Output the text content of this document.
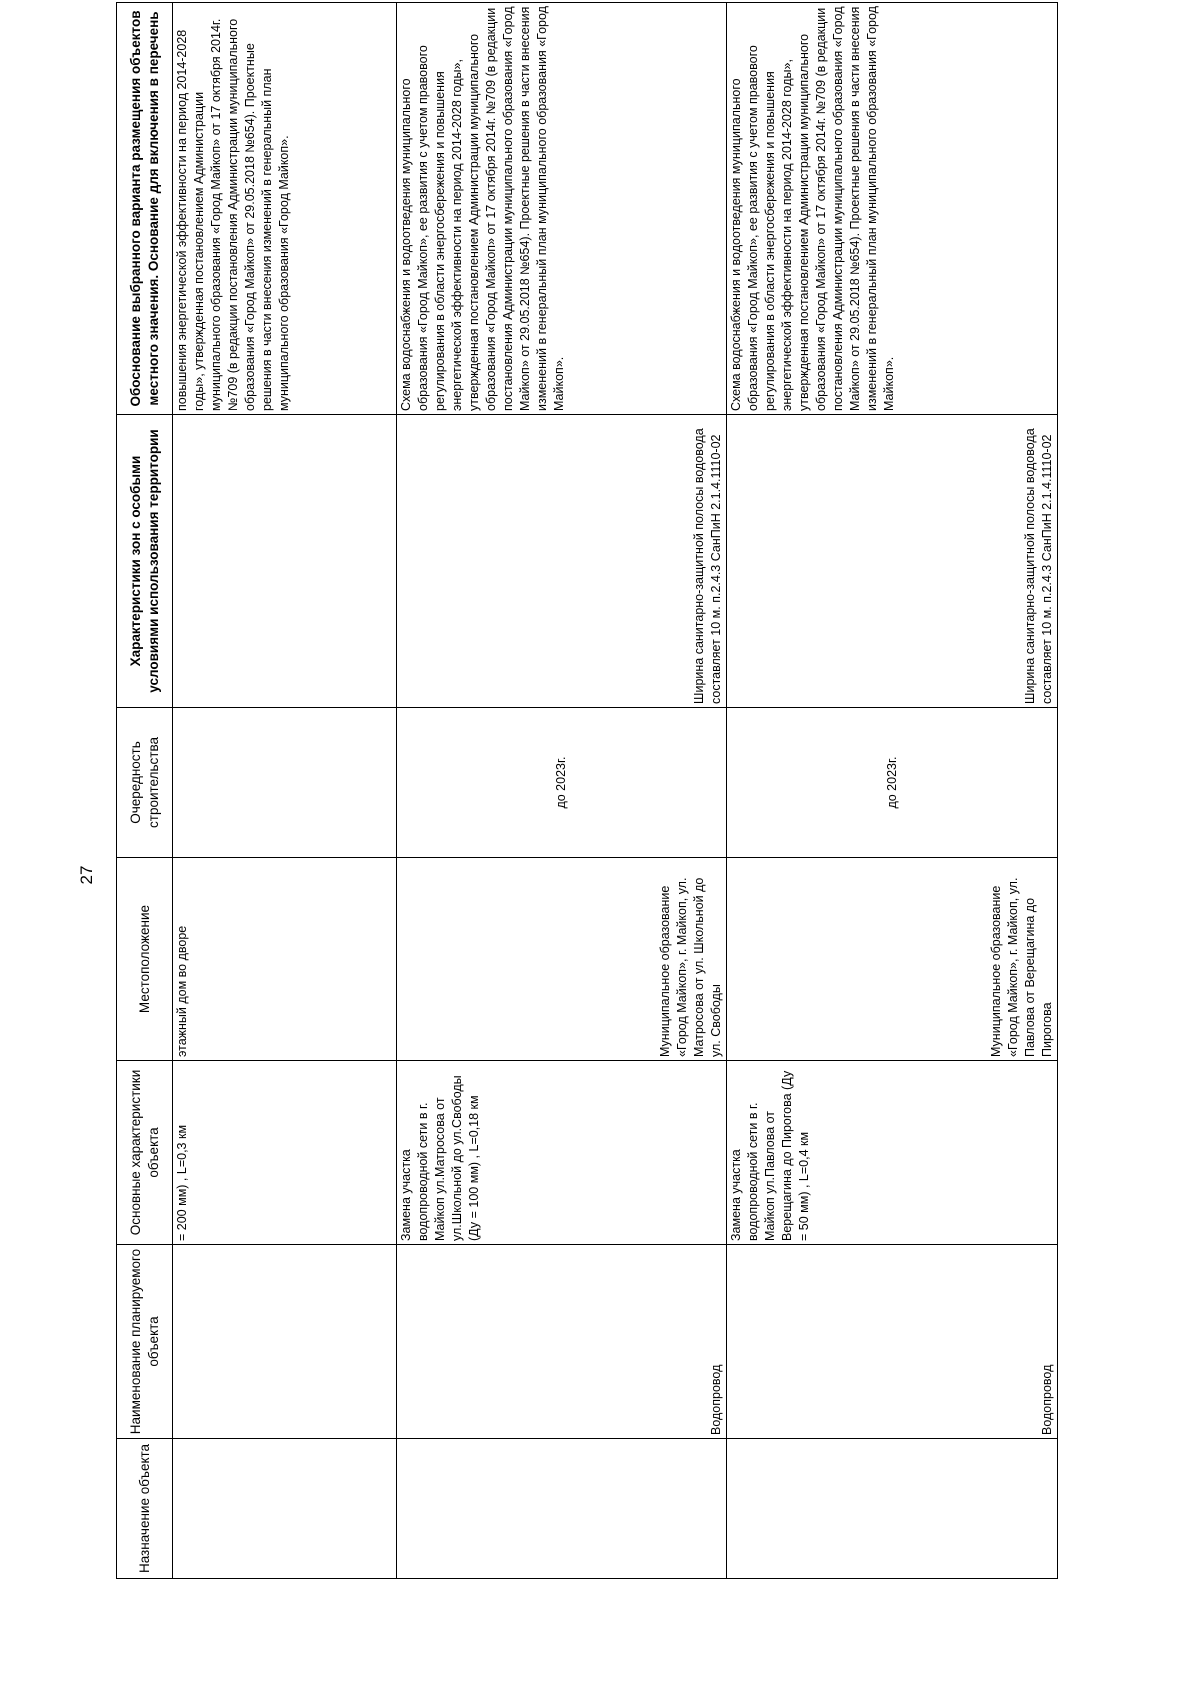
27
Назначение объекта	Наименование планируемого объекта	Основные характеристики объекта	Местоположение	Очередность строительства	Характеристики зон с особыми условиями использования территории	Обоснование выбранного варианта размещения объектов местного значения. Основание для включения в перечень
		= 200 мм) , L=0,3 км	этажный дом во дворе			повышения энергетической эффективности на период 2014-2028 годы», утвержденная постановлением Администрации муниципального образования «Город Майкоп» от 17 октября 2014г. №709 (в редакции постановления Администрации муниципального образования «Город Майкоп» от 29.05.2018 №654). Проектные решения в части внесения изменений в генеральный план муниципального образования «Город Майкоп».
	Водопровод	Замена участка водопроводной сети в г. Майкоп ул.Матросова от ул.Школьной до ул.Свободы (Ду = 100 мм) , L=0,18 км	Муниципальное образование «Город Майкоп», г. Майкоп, ул. Матросова от ул. Школьной до ул. Свободы	до 2023г.	Ширина санитарно-защитной полосы водовода составляет 10 м. п.2.4.3 СанПиН 2.1.4.1110-02	Схема водоснабжения и водоотведения муниципального образования «Город Майкоп», ее развития с учетом правового регулирования в области энергосбережения и повышения энергетической эффективности на период 2014-2028 годы», утвержденная постановлением Администрации муниципального образования «Город Майкоп» от 17 октября 2014г. №709 (в редакции постановления Администрации муниципального образования «Город Майкоп» от 29.05.2018 №654). Проектные решения в части внесения изменений в генеральный план муниципального образования «Город Майкоп».
	Водопровод	Замена участка водопроводной сети в г. Майкоп ул.Павлова от Верещагина до Пирогова (Ду = 50 мм) , L=0,4 км	Муниципальное образование «Город Майкоп», г. Майкоп, ул. Павлова от Верещагина до Пирогова	до 2023г.	Ширина санитарно-защитной полосы водовода составляет 10 м. п.2.4.3 СанПиН 2.1.4.1110-02	Схема водоснабжения и водоотведения муниципального образования «Город Майкоп», ее развития с учетом правового регулирования в области энергосбережения и повышения энергетической эффективности на период 2014-2028 годы», утвержденная постановлением Администрации муниципального образования «Город Майкоп» от 17 октября 2014г. №709 (в редакции постановления Администрации муниципального образования «Город Майкоп» от 29.05.2018 №654). Проектные решения в части внесения изменений в генеральный план муниципального образования «Город Майкоп».
